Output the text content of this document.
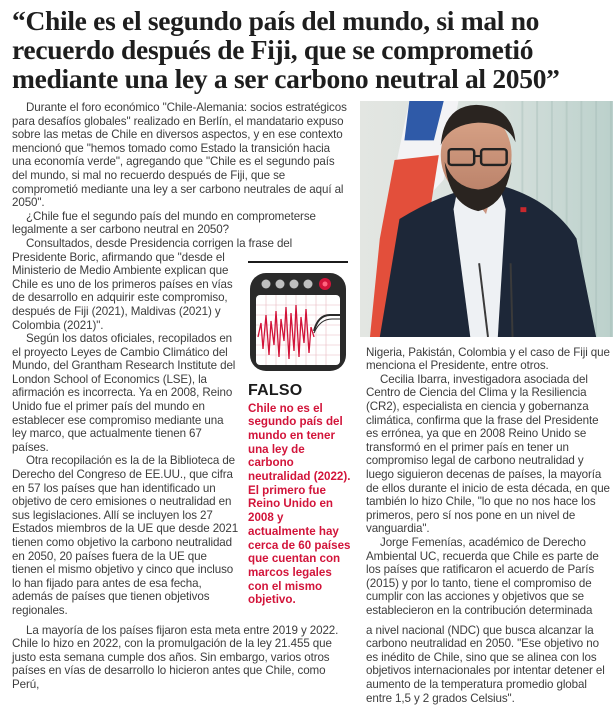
“Chile es el segundo país del mundo, si mal no recuerdo después de Fiji, que se comprometió mediante una ley a ser carbono neutral al 2050”

Durante el foro económico "Chile-Alemania: socios estratégicos para desafíos globales" realizado en Berlín, el mandatario expuso sobre las metas de Chile en diversos aspectos, y en ese contexto mencionó que "hemos tomado como Estado la transición hacia una economía verde", agregando que "Chile es el segundo país del mundo, si mal no recuerdo después de Fiji, que se comprometió mediante una ley a ser carbono neutrales de aquí al 2050".

¿Chile fue el segundo país del mundo en comprometerse legalmente a ser carbono neutral en 2050?

Consultados, desde Presidencia corrigen la frase del

Presidente Boric, afirmando que "desde el Ministerio de Medio Ambiente explican que Chile es uno de los primeros países en vías de desarrollo en adquirir este compromiso, después de Fiji (2021), Maldivas (2021) y Colombia (2021)".

Según los datos oficiales, recopilados en el proyecto Leyes de Cambio Climático del Mundo, del Grantham Research Institute del London School of Economics (LSE), la afirmación es incorrecta. Ya en 2008, Reino Unido fue el primer país del mundo en establecer ese compromiso mediante una ley marco, que actualmente tienen 67 países.

Otra recopilación es la de la Biblioteca de Derecho del Congreso de EE.UU., que cifra en 57 los países que han identificado un objetivo de cero emisiones o neutralidad en sus legislaciones. Allí se incluyen los 27 Estados miembros de la UE que desde 2021 tienen como objetivo la carbono neutralidad en 2050, 20 países fuera de la UE que tienen el mismo objetivo y cinco que incluso lo han fijado para antes de esa fecha, además de países que tienen objetivos regionales.

FALSO
Chile no es el segundo país del mundo en tener una ley de carbono neutralidad (2022). El primero fue Reino Unido en 2008 y actualmente hay cerca de 60 países que cuentan con marcos legales con el mismo objetivo.

Nigeria, Pakistán, Colombia y el caso de Fiji que menciona el Presidente, entre otros.

Cecilia Ibarra, investigadora asociada del Centro de Ciencia del Clima y la Resiliencia (CR2), especialista en ciencia y gobernanza climática, confirma que la frase del Presidente es errónea, ya que en 2008 Reino Unido se transformó en el primer país en tener un compromiso legal de carbono neutralidad y luego siguieron decenas de países, la mayoría de ellos durante el inicio de esta década, en que también lo hizo Chile, "lo que no nos hace los primeros, pero sí nos pone en un nivel de vanguardia".

Jorge Femenías, académico de Derecho Ambiental UC, recuerda que Chile es parte de los países que ratificaron el acuerdo de París (2015) y por lo tanto, tiene el compromiso de cumplir con las acciones y objetivos que se establecieron en la contribución determinada

La mayoría de los países fijaron esta meta entre 2019 y 2022. Chile lo hizo en 2022, con la promulgación de la ley 21.455 que justo esta semana cumple dos años. Sin embargo, varios otros países en vías de desarrollo lo hicieron antes que Chile, como Perú,

a nivel nacional (NDC) que busca alcanzar la carbono neutralidad en 2050. "Ese objetivo no es inédito de Chile, sino que se alinea con los objetivos internacionales por intentar detener el aumento de la temperatura promedio global entre 1,5 y 2 grados Celsius".
